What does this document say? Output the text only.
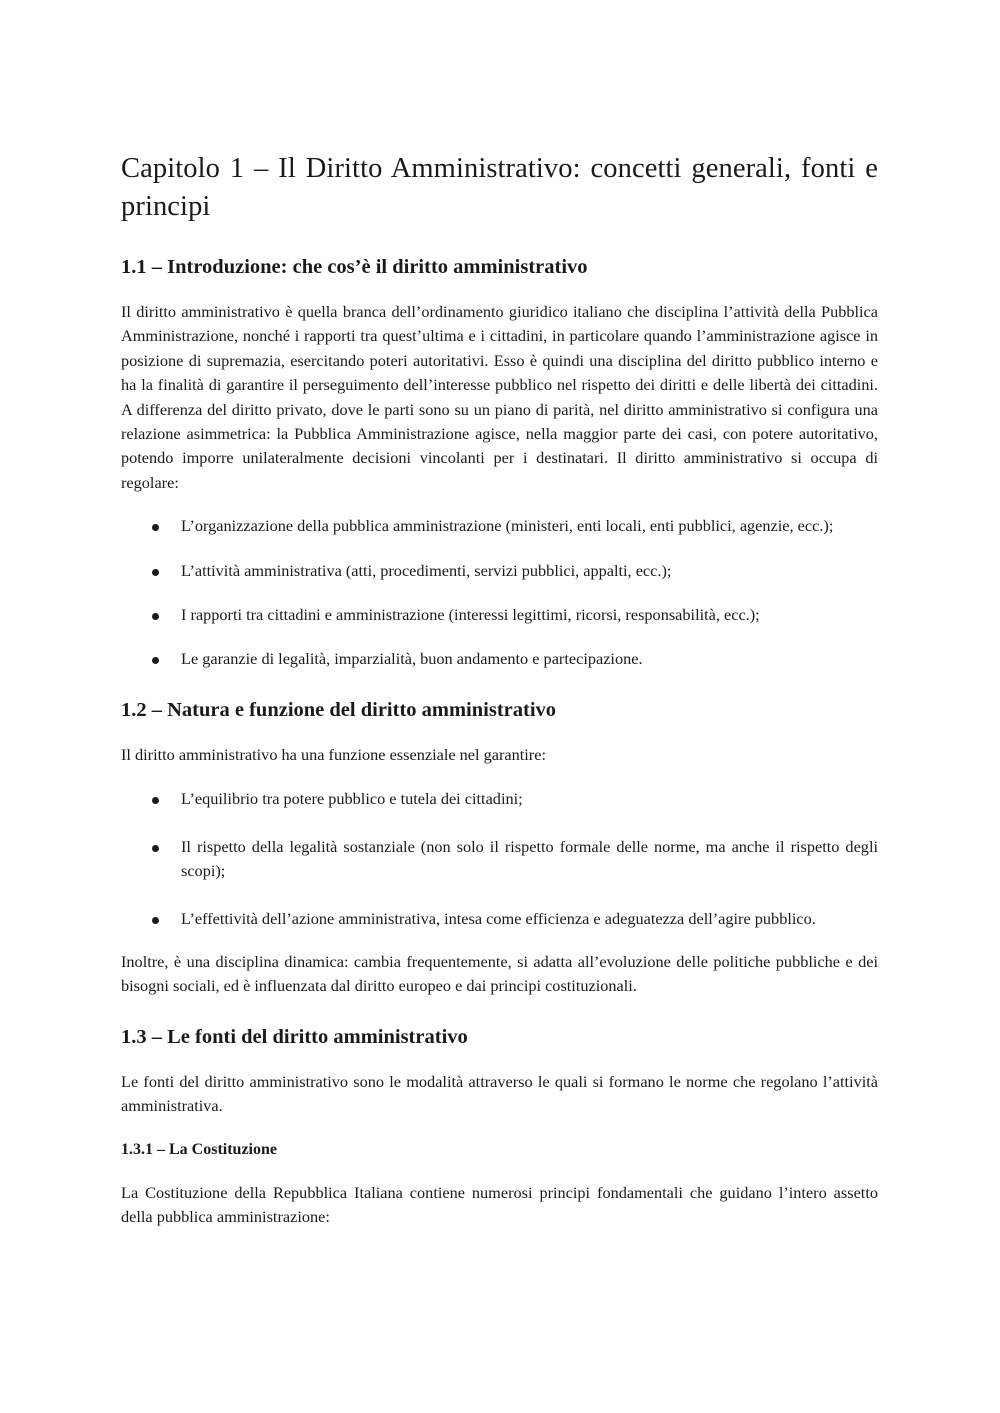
Capitolo 1 – Il Diritto Amministrativo: concetti generali, fonti e principi
1.1 – Introduzione: che cos’è il diritto amministrativo

Il diritto amministrativo è quella branca dell’ordinamento giuridico italiano che disciplina l’attività della Pubblica Amministrazione, nonché i rapporti tra quest’ultima e i cittadini, in particolare quando l’amministrazione agisce in posizione di supremazia, esercitando poteri autoritativi. Esso è quindi una disciplina del diritto pubblico interno e ha la finalità di garantire il perseguimento dell’interesse pubblico nel rispetto dei diritti e delle libertà dei cittadini. A differenza del diritto privato, dove le parti sono su un piano di parità, nel diritto amministrativo si configura una relazione asimmetrica: la Pubblica Amministrazione agisce, nella maggior parte dei casi, con potere autoritativo, potendo imporre unilateralmente decisioni vincolanti per i destinatari. Il diritto amministrativo si occupa di regolare:

L’organizzazione della pubblica amministrazione (ministeri, enti locali, enti pubblici, agenzie, ecc.);
L’attività amministrativa (atti, procedimenti, servizi pubblici, appalti, ecc.);
I rapporti tra cittadini e amministrazione (interessi legittimi, ricorsi, responsabilità, ecc.);
Le garanzie di legalità, imparzialità, buon andamento e partecipazione.
1.2 – Natura e funzione del diritto amministrativo

Il diritto amministrativo ha una funzione essenziale nel garantire:

L’equilibrio tra potere pubblico e tutela dei cittadini;
Il rispetto della legalità sostanziale (non solo il rispetto formale delle norme, ma anche il rispetto degli scopi);
L’effettività dell’azione amministrativa, intesa come efficienza e adeguatezza dell’agire pubblico.

Inoltre, è una disciplina dinamica: cambia frequentemente, si adatta all’evoluzione delle politiche pubbliche e dei bisogni sociali, ed è influenzata dal diritto europeo e dai principi costituzionali.

1.3 – Le fonti del diritto amministrativo

Le fonti del diritto amministrativo sono le modalità attraverso le quali si formano le norme che regolano l’attività amministrativa.

1.3.1 – La Costituzione

La Costituzione della Repubblica Italiana contiene numerosi principi fondamentali che guidano l’intero assetto della pubblica amministrazione:
